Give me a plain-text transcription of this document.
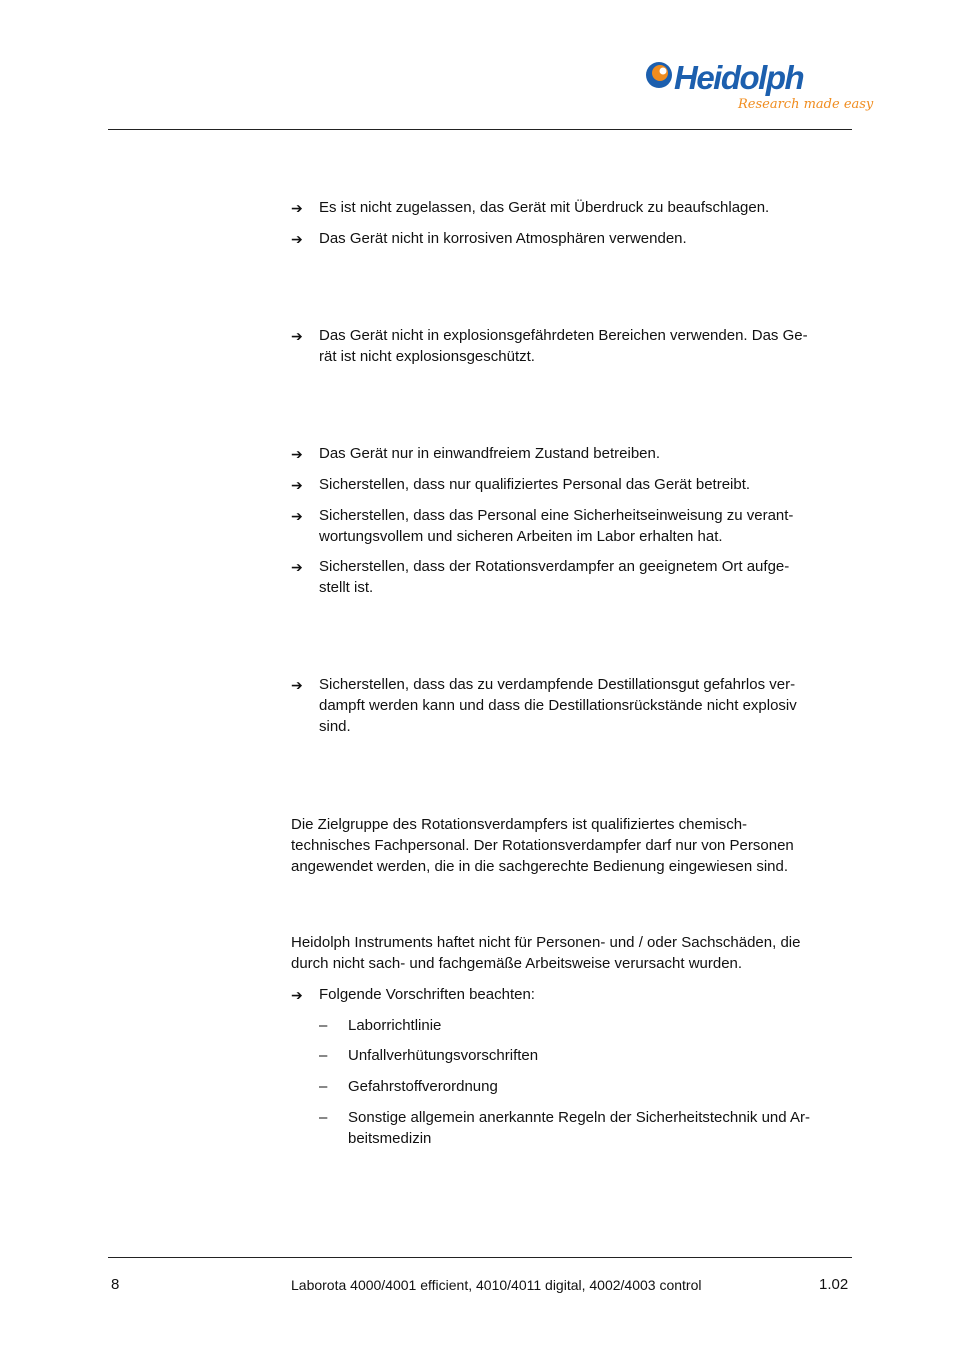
Heidolph
Research made easy
➔ Es ist nicht zugelassen, das Gerät mit Überdruck zu beaufschlagen.
➔ Das Gerät nicht in korrosiven Atmosphären verwenden.
➔ Das Gerät nicht in explosionsgefährdeten Bereichen verwenden. Das Ge-
rät ist nicht explosionsgeschützt.
➔ Das Gerät nur in einwandfreiem Zustand betreiben.
➔ Sicherstellen, dass nur qualifiziertes Personal das Gerät betreibt.
➔ Sicherstellen, dass das Personal eine Sicherheitseinweisung zu verant-
wortungsvollem und sicheren Arbeiten im Labor erhalten hat.
➔ Sicherstellen, dass der Rotationsverdampfer an geeignetem Ort aufge-
stellt ist.
➔ Sicherstellen, dass das zu verdampfende Destillationsgut gefahrlos ver-
dampft werden kann und dass die Destillationsrückstände nicht explosiv
sind.
Die Zielgruppe des Rotationsverdampfers ist qualifiziertes chemisch-
technisches Fachpersonal. Der Rotationsverdampfer darf nur von Personen
angewendet werden, die in die sachgerechte Bedienung eingewiesen sind.
Heidolph Instruments haftet nicht für Personen- und / oder Sachschäden, die
durch nicht sach- und fachgemäße Arbeitsweise verursacht wurden.
➔ Folgende Vorschriften beachten:
– Laborrichtlinie
– Unfallverhütungsvorschriften
– Gefahrstoffverordnung
– Sonstige allgemein anerkannte Regeln der Sicherheitstechnik und Ar-
beitsmedizin
8	Laborota 4000/4001 efficient, 4010/4011 digital, 4002/4003 control	1.02
